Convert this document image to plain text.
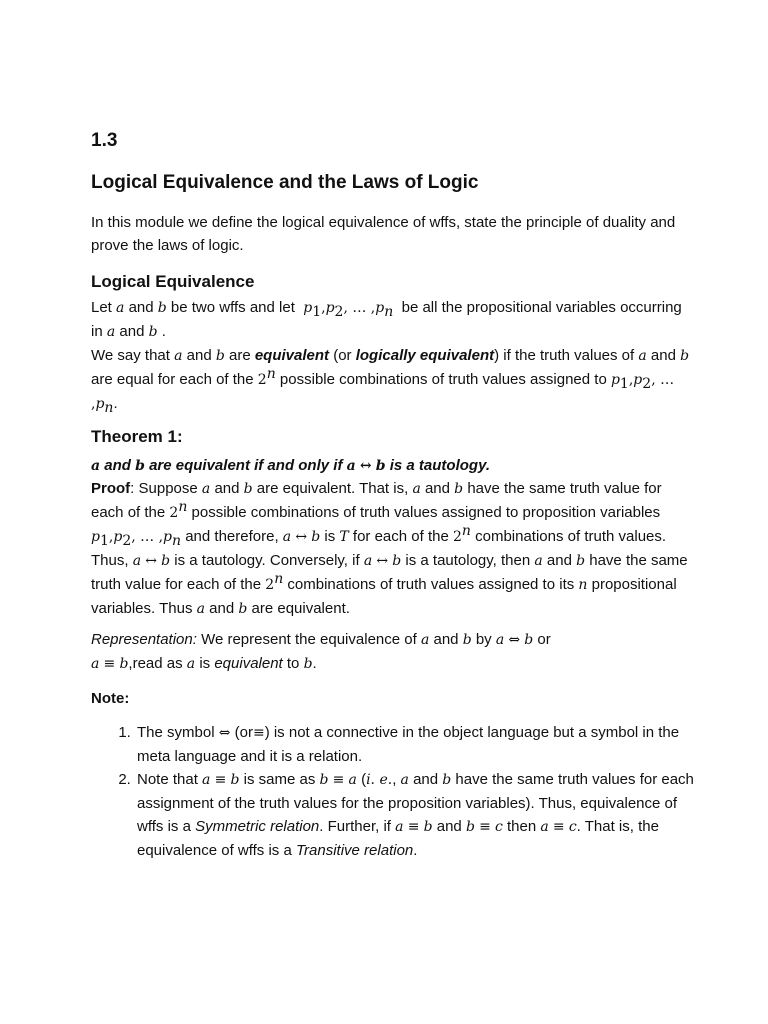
1.3
Logical Equivalence and the Laws of Logic

In this module we define the logical equivalence of wffs, state the principle of duality and prove the laws of logic.

Logical Equivalence

Let a and b be two wffs and let $p_1,p_2$, … $,p_n$ be all the propositional variables occurring in a and b .
We say that a and b are equivalent (or logically equivalent) if the truth values of a and b are equal for each of the 2$^n$ possible combinations of truth values assigned to $p_1,p_2$, … $,p_n$.

Theorem 1:

a and b are equivalent if and only if a ↔ b is a tautology.

Proof: Suppose a and b are equivalent. That is, a and b have the same truth value for each of the 2$^n$ possible combinations of truth values assigned to proposition variables $p_1,p_2$, … $,p_n$ and therefore, a ↔ b is T for each of the 2$^n$ combinations of truth values. Thus, a ↔ b is a tautology. Conversely, if a ↔ b is a tautology, then a and b have the same truth value for each of the 2$^n$ combinations of truth values assigned to its n propositional variables. Thus a and b are equivalent.

Representation: We represent the equivalence of a and b by a ⇔ b or
a ≡ b,read as a is equivalent to b.

Note:

1. The symbol ⇔ (or≡) is not a connective in the object language but a symbol in the meta language and it is a relation.
2. Note that a ≡ b is same as b ≡ a (i. e., a and b have the same truth values for each assignment of the truth values for the proposition variables). Thus, equivalence of wffs is a Symmetric relation. Further, if a ≡ b and b ≡ c then a ≡ c. That is, the equivalence of wffs is a Transitive relation.
